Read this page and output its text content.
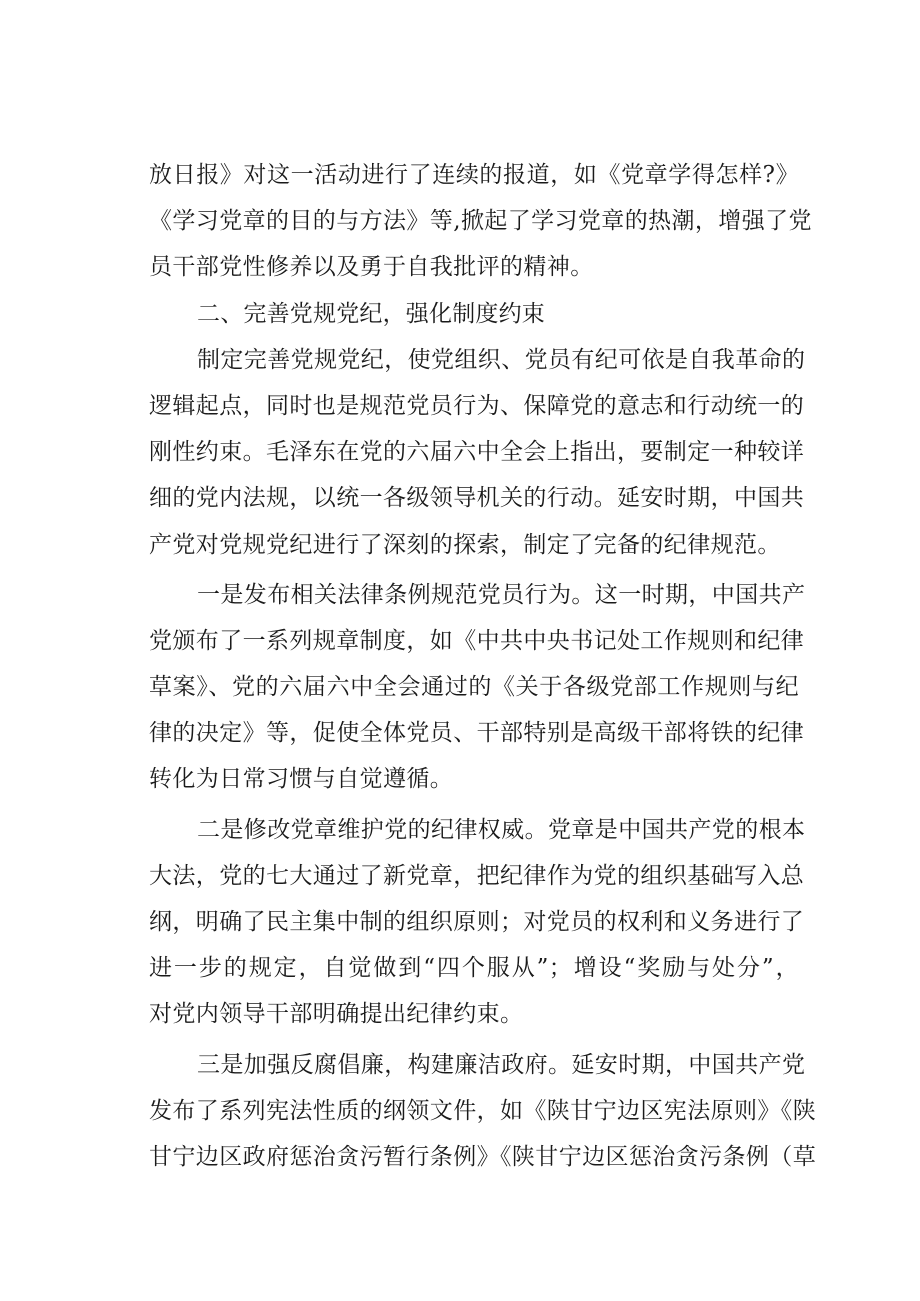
放日报》对这一活动进行了连续的报道，如《党章学得怎样?》
《学习党章的目的与方法》等,掀起了学习党章的热潮，增强了党
员干部党性修养以及勇于自我批评的精神。
二、完善党规党纪，强化制度约束
制定完善党规党纪，使党组织、党员有纪可依是自我革命的
逻辑起点，同时也是规范党员行为、保障党的意志和行动统一的
刚性约束。毛泽东在党的六届六中全会上指出，要制定一种较详
细的党内法规，以统一各级领导机关的行动。延安时期，中国共
产党对党规党纪进行了深刻的探索，制定了完备的纪律规范。
一是发布相关法律条例规范党员行为。这一时期，中国共产
党颁布了一系列规章制度，如《中共中央书记处工作规则和纪律
草案》、党的六届六中全会通过的《关于各级党部工作规则与纪
律的决定》等，促使全体党员、干部特别是高级干部将铁的纪律
转化为日常习惯与自觉遵循。
二是修改党章维护党的纪律权威。党章是中国共产党的根本
大法，党的七大通过了新党章，把纪律作为党的组织基础写入总
纲，明确了民主集中制的组织原则；对党员的权利和义务进行了
进一步的规定，自觉做到“四个服从”；增设“奖励与处分”，
对党内领导干部明确提出纪律约束。
三是加强反腐倡廉，构建廉洁政府。延安时期，中国共产党
发布了系列宪法性质的纲领文件，如《陕甘宁边区宪法原则》《陕
甘宁边区政府惩治贪污暂行条例》《陕甘宁边区惩治贪污条例（草
